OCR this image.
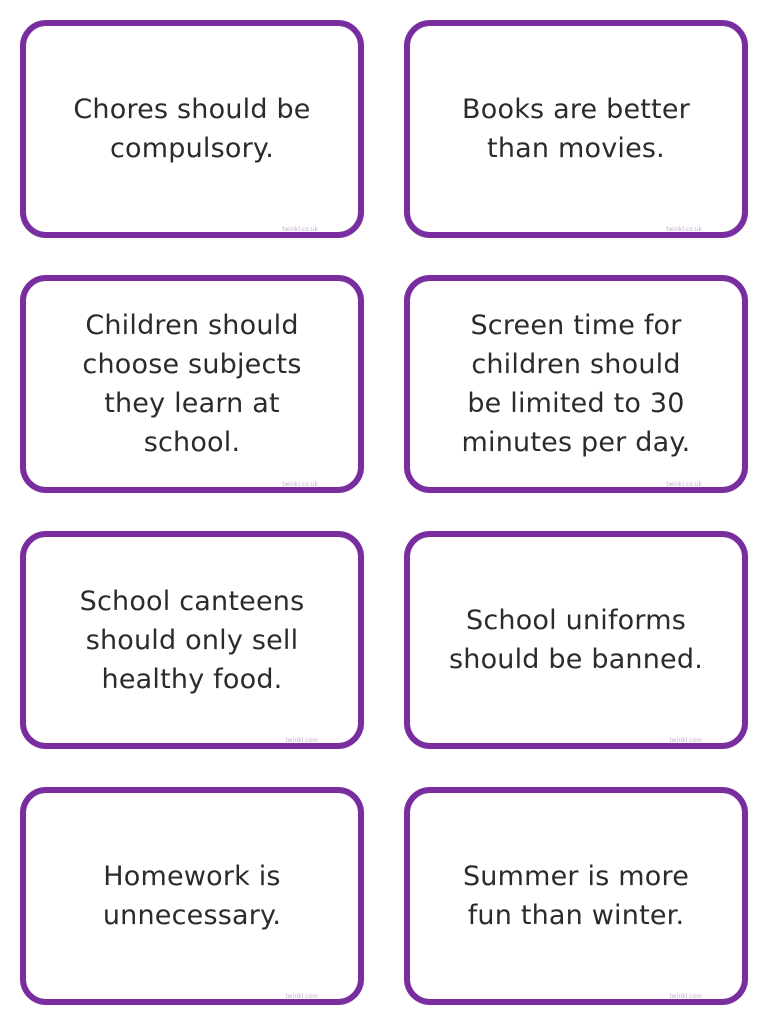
Chores should be compulsory.
twinkl.co.uk
Books are better than movies.
twinkl.co.uk
Children should choose subjects they learn at school.
twinkl.co.uk
Screen time for children should be limited to 30 minutes per day.
twinkl.co.uk
School canteens should only sell healthy food.
twinkl.com
School uniforms should be banned.
twinkl.com
Homework is unnecessary.
twinkl.com
Summer is more fun than winter.
twinkl.com
